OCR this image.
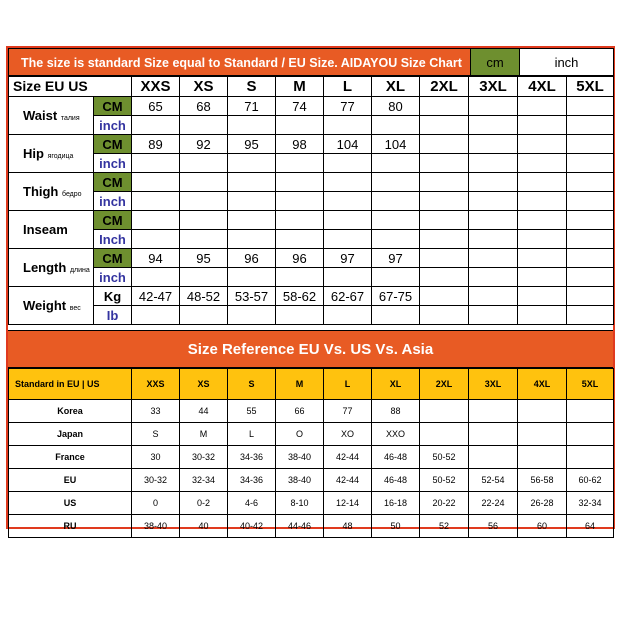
The size is standard Size equal to Standard / EU Size. AIDAYOU Size Chart	cm	inch
Size EU US		XXS	XS	S	M	L	XL	2XL	3XL	4XL	5XL
Waist талия	CM	65	68	71	74	77	80				
	inch										
Hip ягодица	CM	89	92	95	98	104	104				
	inch										
Thigh бедро	CM										
	inch										
Inseam	CM										
	Inch										
Length длина	CM	94	95	96	96	97	97				
	inch										
Weight вес	Kg	42-47	48-52	53-57	58-62	62-67	67-75				
	Ib										
Size Reference EU Vs. US Vs. Asia
Standard in EU | US	XXS	XS	S	M	L	XL	2XL	3XL	4XL	5XL
Korea	33	44	55	66	77	88				
Japan	S	M	L	O	XO	XXO				
France	30	30-32	34-36	38-40	42-44	46-48	50-52			
EU	30-32	32-34	34-36	38-40	42-44	46-48	50-52	52-54	56-58	60-62
US	0	0-2	4-6	8-10	12-14	16-18	20-22	22-24	26-28	32-34
RU	38-40	40	40-42	44-46	48	50	52	56	60	64
